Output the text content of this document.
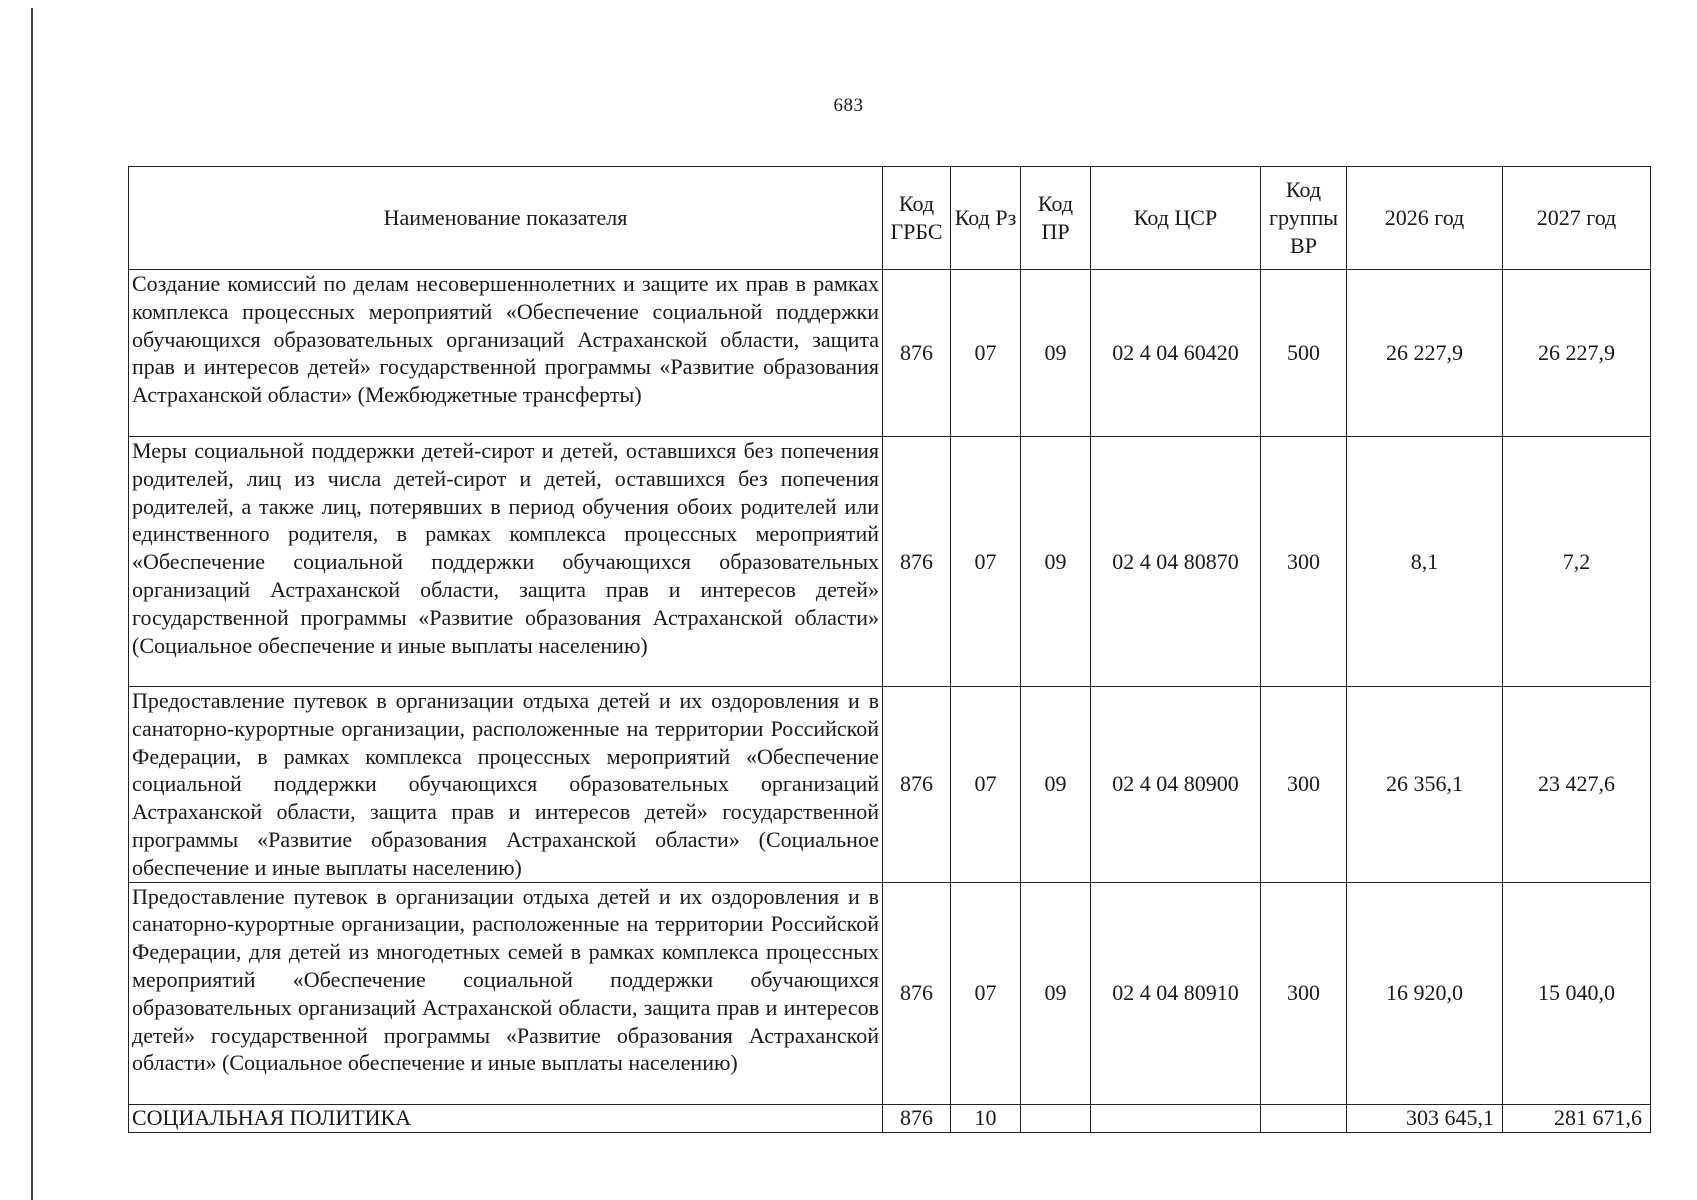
683
Наименование показателя	Код ГРБС	Код Рз	Код ПР	Код ЦСР	Код группы ВР	2026 год	2027 год
Создание комиссий по делам несовершеннолетних и защите их прав в рамках комплекса процессных мероприятий «Обеспечение социальной поддержки обучающихся образовательных организаций Астраханской области, защита прав и интересов детей» государственной программы «Развитие образования Астраханской области» (Межбюджетные трансферты)	876	07	09	02 4 04 60420	500	26 227,9	26 227,9
Меры социальной поддержки детей-сирот и детей, оставшихся без попечения родителей, лиц из числа детей-сирот и детей, оставшихся без попечения родителей, а также лиц, потерявших в период обучения обоих родителей или единственного родителя, в рамках комплекса процессных мероприятий «Обеспечение социальной поддержки обучающихся образовательных организаций Астраханской области, защита прав и интересов детей» государственной программы «Развитие образования Астраханской области» (Социальное обеспечение и иные выплаты населению)	876	07	09	02 4 04 80870	300	8,1	7,2
Предоставление путевок в организации отдыха детей и их оздоровления и в санаторно-курортные организации, расположенные на территории Российской Федерации, в рамках комплекса процессных мероприятий «Обеспечение социальной поддержки обучающихся образовательных организаций Астраханской области, защита прав и интересов детей» государственной программы «Развитие образования Астраханской области» (Социальное обеспечение и иные выплаты населению)	876	07	09	02 4 04 80900	300	26 356,1	23 427,6
Предоставление путевок в организации отдыха детей и их оздоровления и в санаторно-курортные организации, расположенные на территории Российской Федерации, для детей из многодетных семей в рамках комплекса процессных мероприятий «Обеспечение социальной поддержки обучающихся образовательных организаций Астраханской области, защита прав и интересов детей» государственной программы «Развитие образования Астраханской области» (Социальное обеспечение и иные выплаты населению)	876	07	09	02 4 04 80910	300	16 920,0	15 040,0
СОЦИАЛЬНАЯ ПОЛИТИКА	876	10				303 645,1	281 671,6
